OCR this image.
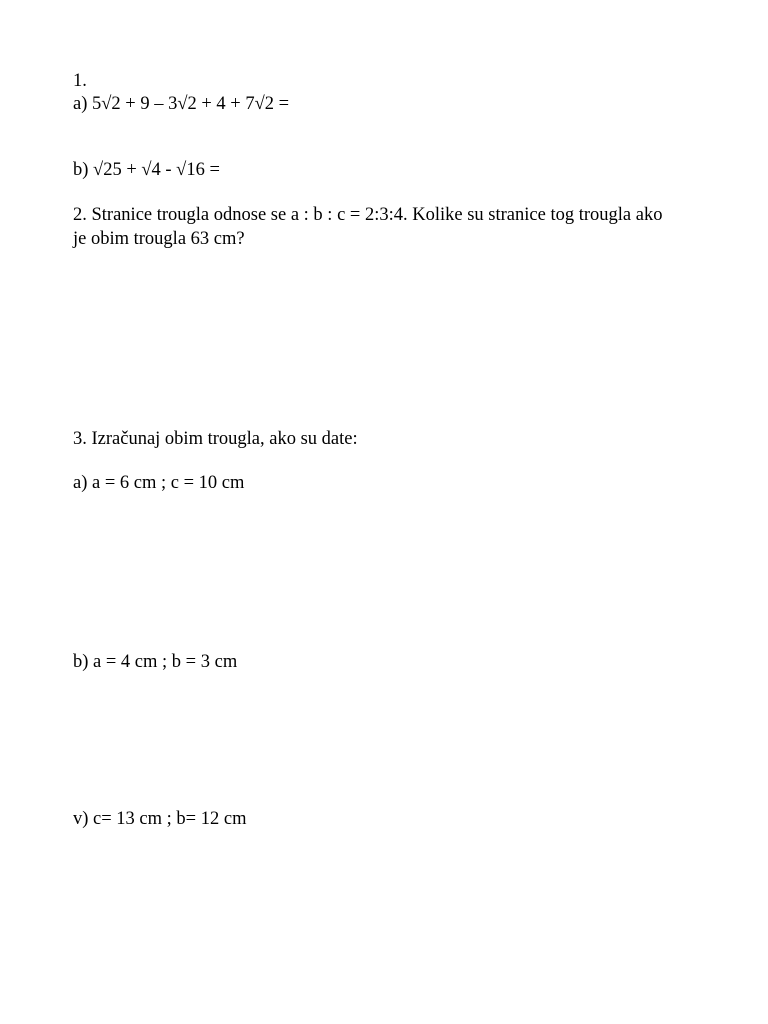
1.
a) 5√2 + 9 – 3√2 + 4 + 7√2 =
b) √25 + √4 - √16 =
2. Stranice trougla odnose se a : b : c = 2:3:4. Kolike su stranice tog trougla ako je obim trougla 63 cm?
3. Izračunaj obim trougla, ako su date:
a) a = 6 cm ; c = 10 cm
b) a = 4 cm ; b = 3 cm
v) c= 13 cm ; b= 12 cm
